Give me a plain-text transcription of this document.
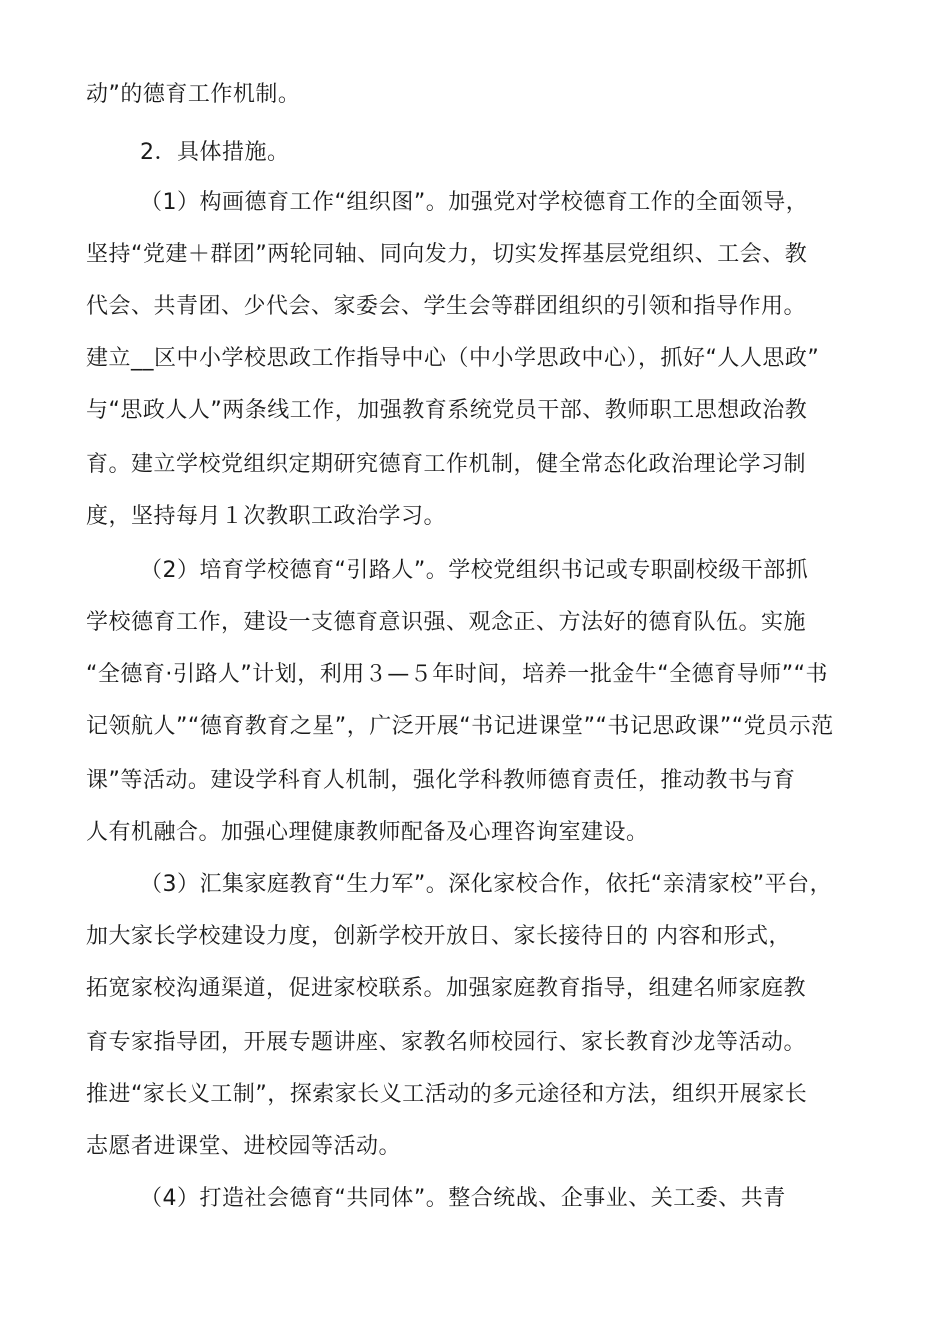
动”的德育工作机制。
2．具体措施。
（1）构画德育工作“组织图”。加强党对学校德育工作的全面领导，
坚持“党建＋群团”两轮同轴、同向发力，切实发挥基层党组织、工会、教
代会、共青团、少代会、家委会、学生会等群团组织的引领和指导作用。
建立__区中小学校思政工作指导中心（中小学思政中心），抓好“人人思政”
与“思政人人”两条线工作，加强教育系统党员干部、教师职工思想政治教
育。建立学校党组织定期研究德育工作机制，健全常态化政治理论学习制
度，坚持每月１次教职工政治学习。
（2）培育学校德育“引路人”。学校党组织书记或专职副校级干部抓
学校德育工作，建设一支德育意识强、观念正、方法好的德育队伍。实施
“全德育·引路人”计划，利用３—５年时间，培养一批金牛“全德育导师”“书
记领航人”“德育教育之星”，广泛开展“书记进课堂”“书记思政课”“党员示范
课”等活动。建设学科育人机制，强化学科教师德育责任，推动教书与育
人有机融合。加强心理健康教师配备及心理咨询室建设。
（3）汇集家庭教育“生力军”。深化家校合作，依托“亲清家校”平台，
加大家长学校建设力度，创新学校开放日、家长接待日的 内容和形式，
拓宽家校沟通渠道，促进家校联系。加强家庭教育指导，组建名师家庭教
育专家指导团，开展专题讲座、家教名师校园行、家长教育沙龙等活动。
推进“家长义工制”，探索家长义工活动的多元途径和方法，组织开展家长
志愿者进课堂、进校园等活动。
（4）打造社会德育“共同体”。整合统战、企事业、关工委、共青
